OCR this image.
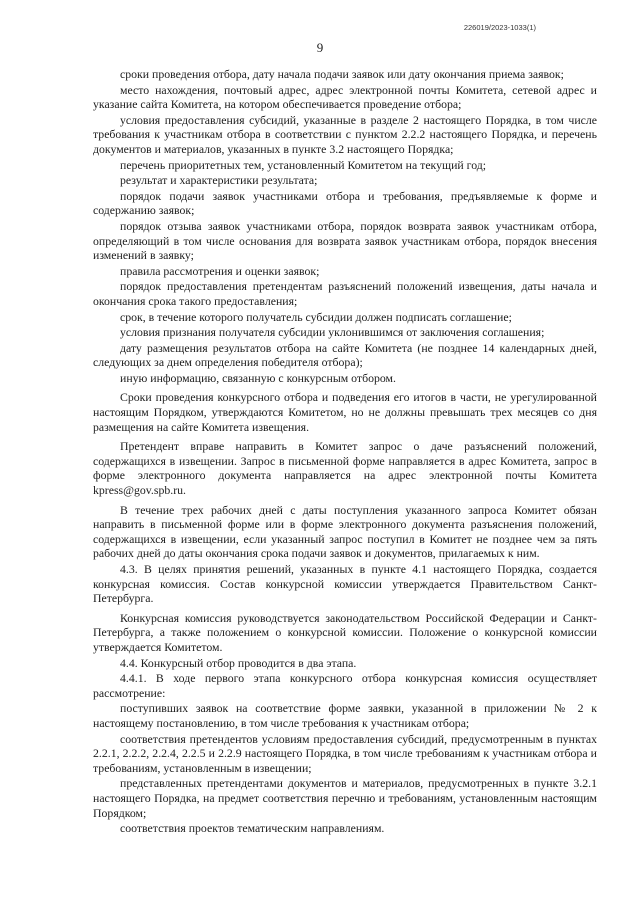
226019/2023-1033(1)
9

сроки проведения отбора, дату начала подачи заявок или дату окончания приема заявок;

место нахождения, почтовый адрес, адрес электронной почты Комитета, сетевой адрес и указание сайта Комитета, на котором обеспечивается проведение отбора;

условия предоставления субсидий, указанные в разделе 2 настоящего Порядка, в том числе требования к участникам отбора в соответствии с пунктом 2.2.2 настоящего Порядка, и перечень документов и материалов, указанных в пункте 3.2 настоящего Порядка;

перечень приоритетных тем, установленный Комитетом на текущий год;

результат и характеристики результата;

порядок подачи заявок участниками отбора и требования, предъявляемые к форме и содержанию заявок;

порядок отзыва заявок участниками отбора, порядок возврата заявок участникам отбора, определяющий в том числе основания для возврата заявок участникам отбора, порядок внесения изменений в заявку;

правила рассмотрения и оценки заявок;

порядок предоставления претендентам разъяснений положений извещения, даты начала и окончания срока такого предоставления;

срок, в течение которого получатель субсидии должен подписать соглашение;

условия признания получателя субсидии уклонившимся от заключения соглашения;

дату размещения результатов отбора на сайте Комитета (не позднее 14 календарных дней, следующих за днем определения победителя отбора);

иную информацию, связанную с конкурсным отбором.

Сроки проведения конкурсного отбора и подведения его итогов в части, не урегулированной настоящим Порядком, утверждаются Комитетом, но не должны превышать трех месяцев со дня размещения на сайте Комитета извещения.

Претендент вправе направить в Комитет запрос о даче разъяснений положений, содержащихся в извещении. Запрос в письменной форме направляется в адрес Комитета, запрос в форме электронного документа направляется на адрес электронной почты Комитета kpress@gov.spb.ru.

В течение трех рабочих дней с даты поступления указанного запроса Комитет обязан направить в письменной форме или в форме электронного документа разъяснения положений, содержащихся в извещении, если указанный запрос поступил в Комитет не позднее чем за пять рабочих дней до даты окончания срока подачи заявок и документов, прилагаемых к ним.

4.3. В целях принятия решений, указанных в пункте 4.1 настоящего Порядка, создается конкурсная комиссия. Состав конкурсной комиссии утверждается Правительством Санкт-Петербурга.

Конкурсная комиссия руководствуется законодательством Российской Федерации и Санкт-Петербурга, а также положением о конкурсной комиссии. Положение о конкурсной комиссии утверждается Комитетом.

4.4. Конкурсный отбор проводится в два этапа.

4.4.1. В ходе первого этапа конкурсного отбора конкурсная комиссия осуществляет рассмотрение:

поступивших заявок на соответствие форме заявки, указанной в приложении № 2 к настоящему постановлению, в том числе требования к участникам отбора;

соответствия претендентов условиям предоставления субсидий, предусмотренным в пунктах 2.2.1, 2.2.2, 2.2.4, 2.2.5 и 2.2.9 настоящего Порядка, в том числе требованиям к участникам отбора и требованиям, установленным в извещении;

представленных претендентами документов и материалов, предусмотренных в пункте 3.2.1 настоящего Порядка, на предмет соответствия перечню и требованиям, установленным настоящим Порядком;

соответствия проектов тематическим направлениям.
